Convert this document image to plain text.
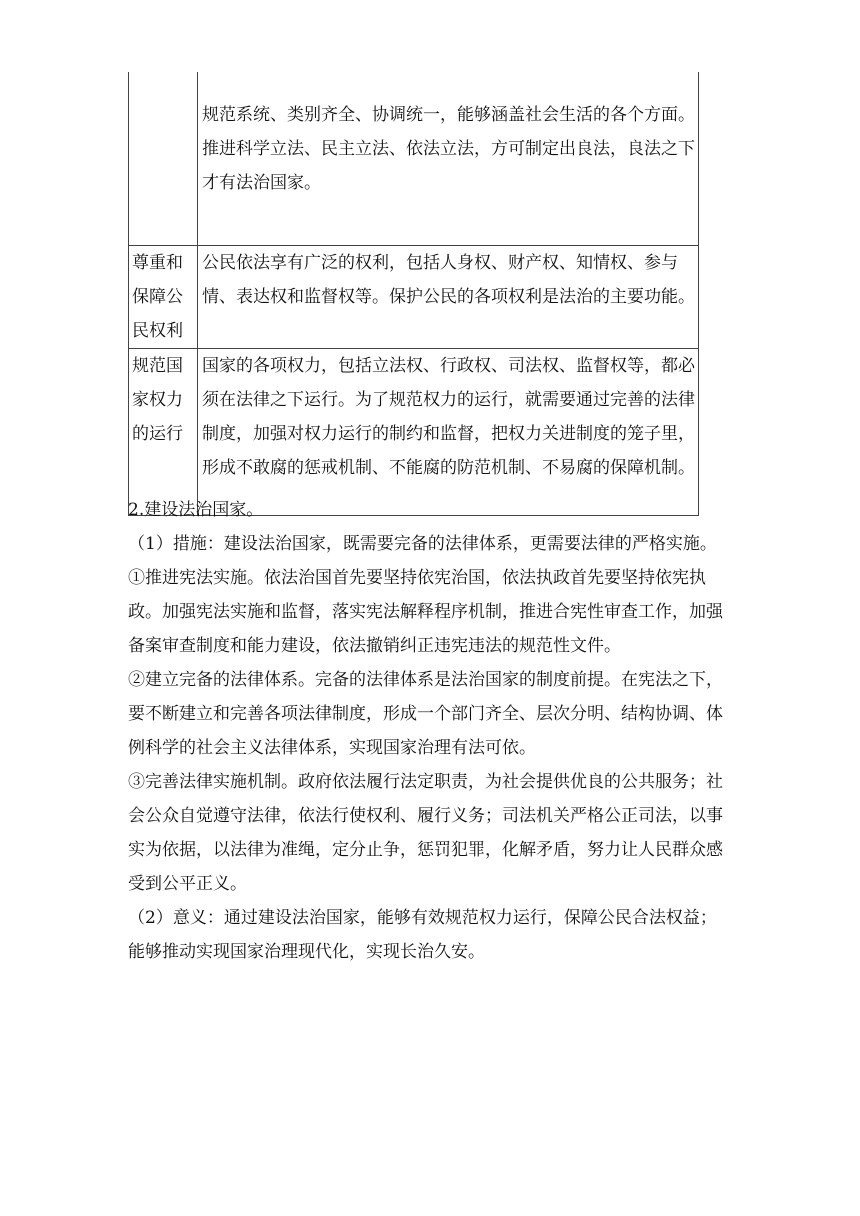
	规范系统、类别齐全、协调统一，能够涵盖社会生活的各个方面。推进科学立法、民主立法、依法立法，方可制定出良法，良法之下才有法治国家。
尊重和保障公民权利	公民依法享有广泛的权利，包括人身权、财产权、知情权、参与情、表达权和监督权等。保护公民的各项权利是法治的主要功能。
规范国家权力的运行	国家的各项权力，包括立法权、行政权、司法权、监督权等，都必须在法律之下运行。为了规范权力的运行，就需要通过完善的法律制度，加强对权力运行的制约和监督，把权力关进制度的笼子里，形成不敢腐的惩戒机制、不能腐的防范机制、不易腐的保障机制。

2.建设法治国家。

（1）措施：建设法治国家，既需要完备的法律体系，更需要法律的严格实施。

①推进宪法实施。依法治国首先要坚持依宪治国，依法执政首先要坚持依宪执政。加强宪法实施和监督，落实宪法解释程序机制，推进合宪性审查工作，加强备案审查制度和能力建设，依法撤销纠正违宪违法的规范性文件。

②建立完备的法律体系。完备的法律体系是法治国家的制度前提。在宪法之下，要不断建立和完善各项法律制度，形成一个部门齐全、层次分明、结构协调、体例科学的社会主义法律体系，实现国家治理有法可依。

③完善法律实施机制。政府依法履行法定职责，为社会提供优良的公共服务；社会公众自觉遵守法律，依法行使权利、履行义务；司法机关严格公正司法，以事实为依据，以法律为准绳，定分止争，惩罚犯罪，化解矛盾，努力让人民群众感受到公平正义。

（2）意义：通过建设法治国家，能够有效规范权力运行，保障公民合法权益；能够推动实现国家治理现代化，实现长治久安。
